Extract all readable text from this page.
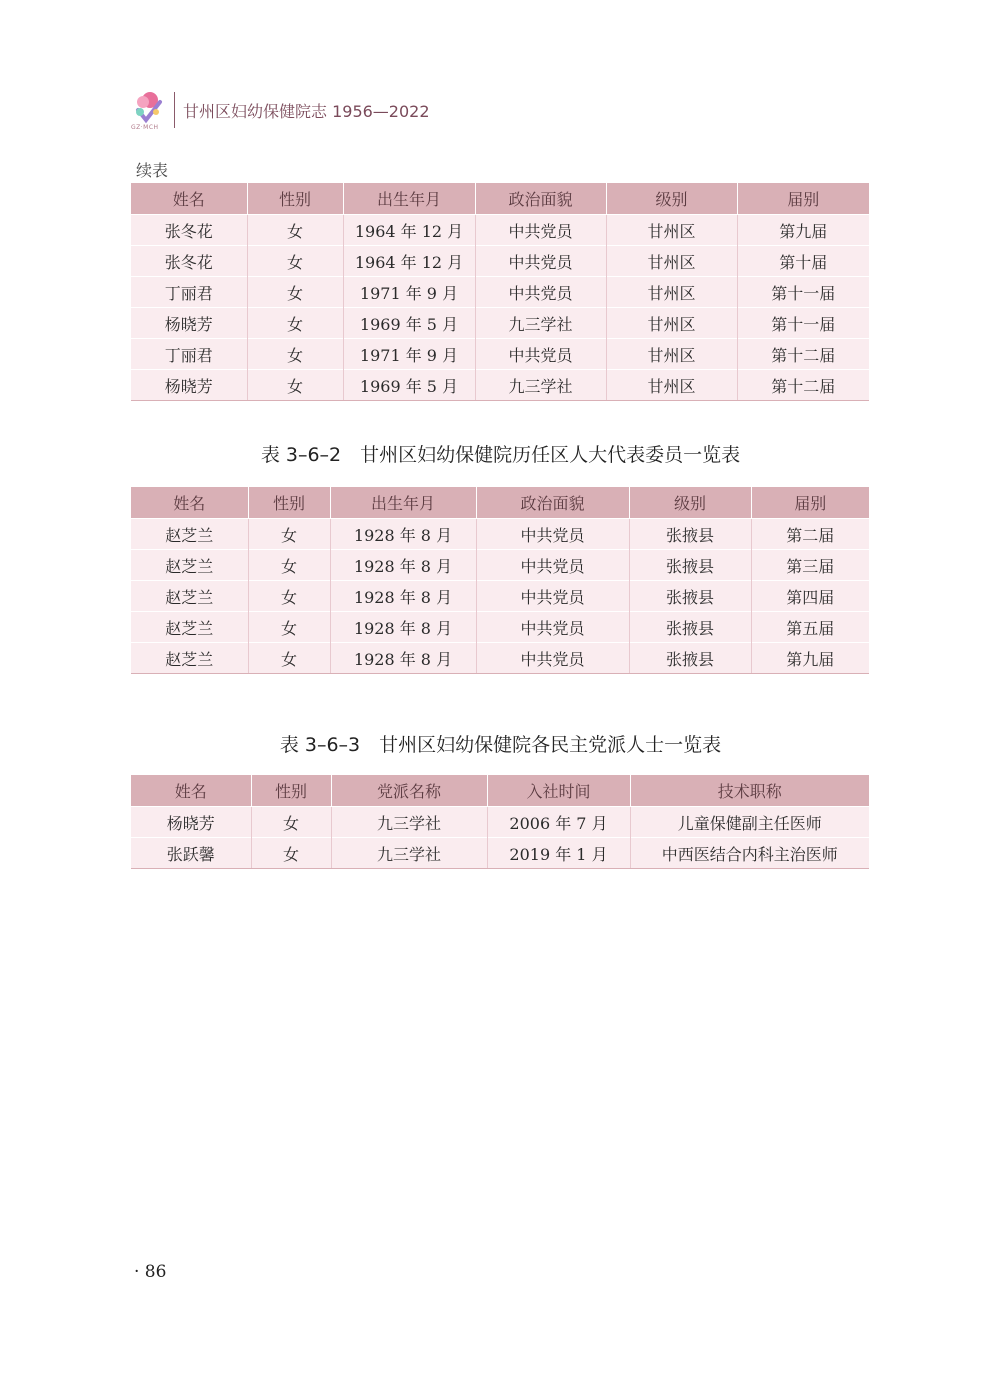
GZ·MCH
甘州区妇幼保健院志 1956—2022
续表
姓名	性别	出生年月	政治面貌	级别	届别
张冬花	女	1964 年 12 月	中共党员	甘州区	第九届
张冬花	女	1964 年 12 月	中共党员	甘州区	第十届
丁丽君	女	1971 年 9 月	中共党员	甘州区	第十一届
杨晓芳	女	1969 年 5 月	九三学社	甘州区	第十一届
丁丽君	女	1971 年 9 月	中共党员	甘州区	第十二届
杨晓芳	女	1969 年 5 月	九三学社	甘州区	第十二届
表 3–6–2　甘州区妇幼保健院历任区人大代表委员一览表
姓名	性别	出生年月	政治面貌	级别	届别
赵芝兰	女	1928 年 8 月	中共党员	张掖县	第二届
赵芝兰	女	1928 年 8 月	中共党员	张掖县	第三届
赵芝兰	女	1928 年 8 月	中共党员	张掖县	第四届
赵芝兰	女	1928 年 8 月	中共党员	张掖县	第五届
赵芝兰	女	1928 年 8 月	中共党员	张掖县	第九届
表 3–6–3　甘州区妇幼保健院各民主党派人士一览表
姓名	性别	党派名称	入社时间	技术职称
杨晓芳	女	九三学社	2006 年 7 月	儿童保健副主任医师
张跃馨	女	九三学社	2019 年 1 月	中西医结合内科主治医师
· 86
